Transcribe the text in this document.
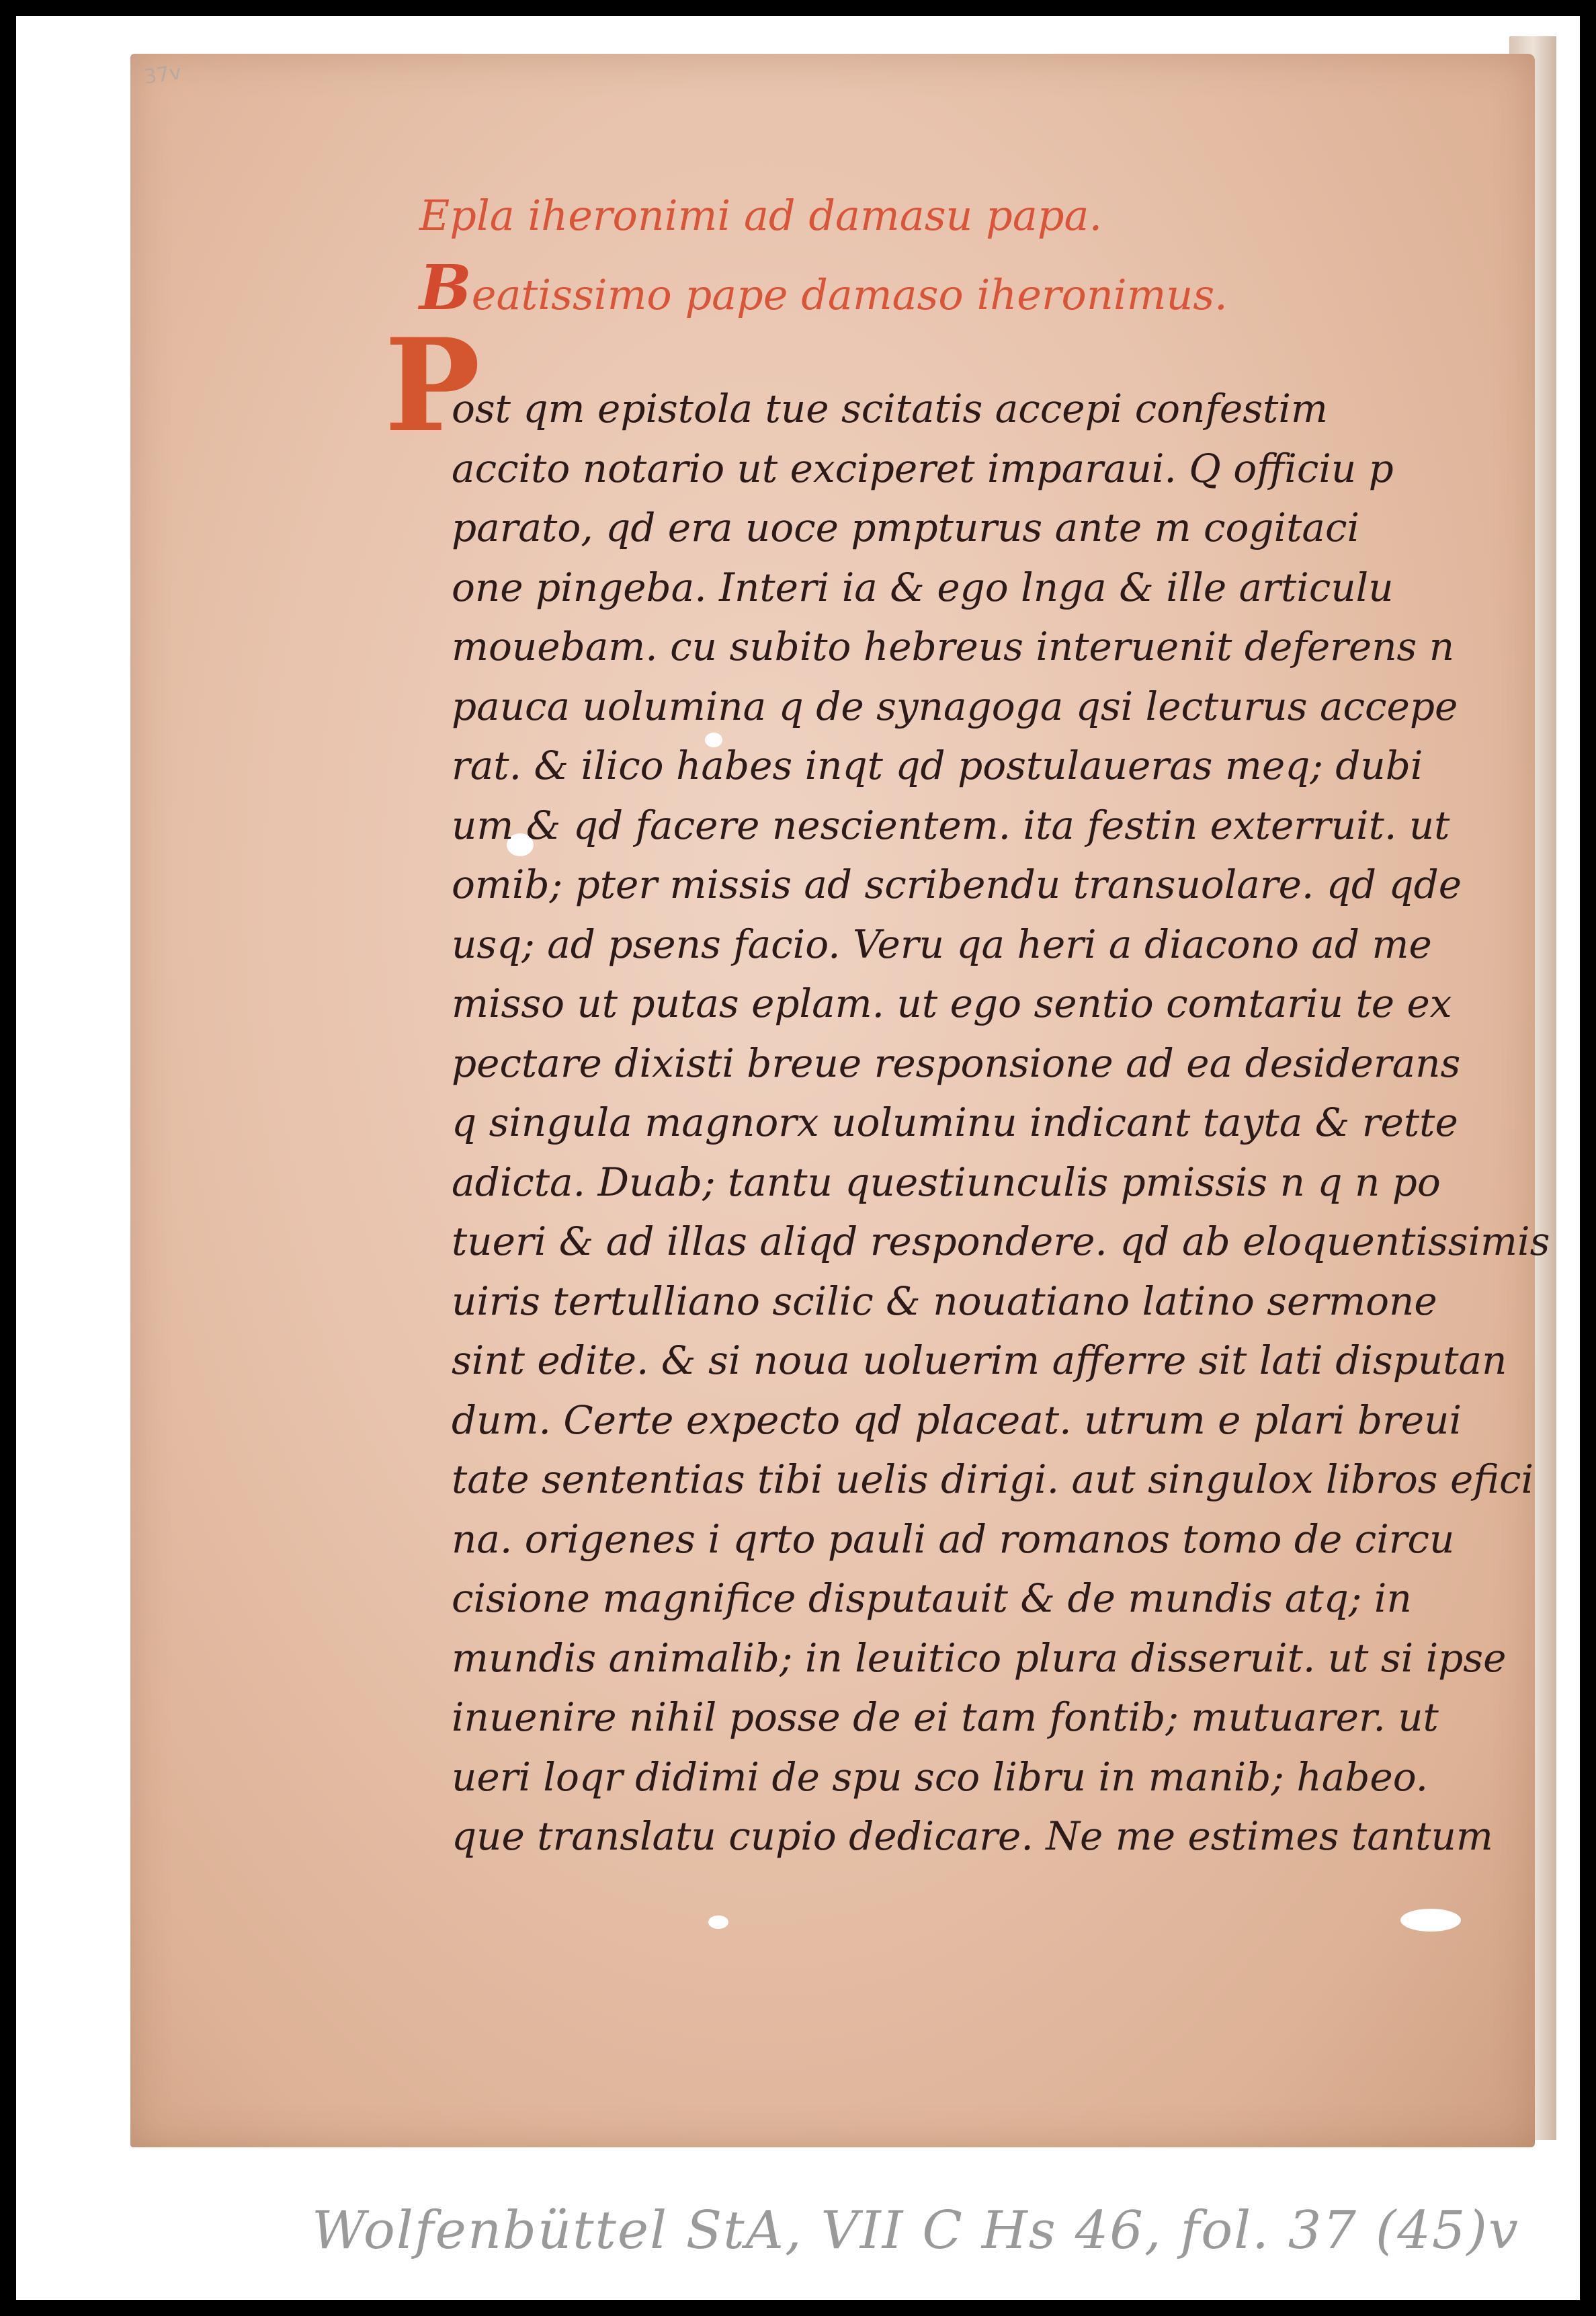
37v
Epla iheronimi ad damasu papa.
Beatissimo pape damaso iheronimus.
P
ost qm epistola tue scitatis accepi confestim
accito notario ut exciperet imparaui. Q officiu p
parato, qd era uoce pmpturus ante m cogitaci
one pingeba. Interi ia & ego lnga & ille articulu
mouebam. cu subito hebreus interuenit deferens n
pauca uolumina q de synagoga qsi lecturus accepe
rat. & ilico habes inqt qd postulaueras meq; dubi
um & qd facere nescientem. ita festin exterruit. ut
omib; pter missis ad scribendu transuolare. qd qde
usq; ad psens facio. Veru qa heri a diacono ad me
misso ut putas eplam. ut ego sentio comtariu te ex
pectare dixisti breue responsione ad ea desiderans
q singula magnorx uoluminu indicant tayta & rette
adicta. Duab; tantu questiunculis pmissis n q n po
tueri & ad illas aliqd respondere. qd ab eloquentissimis
uiris tertulliano scilic & nouatiano latino sermone
sint edite. & si noua uoluerim afferre sit lati disputan
dum. Certe expecto qd placeat. utrum e plari breui
tate sententias tibi uelis dirigi. aut singulox libros efici
na. origenes i qrto pauli ad romanos tomo de circu
cisione magnifice disputauit & de mundis atq; in
mundis animalib; in leuitico plura disseruit. ut si ipse
inuenire nihil posse de ei tam fontib; mutuarer. ut
ueri loqr didimi de spu sco libru in manib; habeo.
que translatu cupio dedicare. Ne me estimes tantum
Wolfenbüttel StA, VII C Hs 46, fol. 37 (45)v
